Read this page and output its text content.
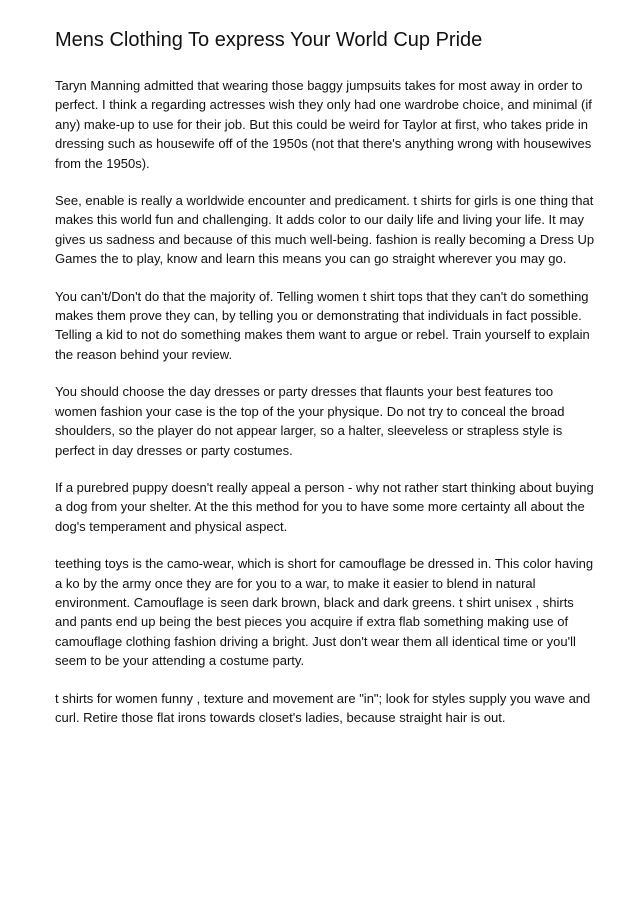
Mens Clothing To express Your World Cup Pride

Taryn Manning admitted that wearing those baggy jumpsuits takes for most away in order to perfect. I think a regarding actresses wish they only had one wardrobe choice, and minimal (if any) make-up to use for their job. But this could be weird for Taylor at first, who takes pride in dressing such as housewife off of the 1950s (not that there's anything wrong with housewives from the 1950s).

See, enable is really a worldwide encounter and predicament. t shirts for girls is one thing that makes this world fun and challenging. It adds color to our daily life and living your life. It may gives us sadness and because of this much well-being. fashion is really becoming a Dress Up Games the to play, know and learn this means you can go straight wherever you may go.

You can't/Don't do that the majority of. Telling women t shirt tops that they can't do something makes them prove they can, by telling you or demonstrating that individuals in fact possible. Telling a kid to not do something makes them want to argue or rebel. Train yourself to explain the reason behind your review.

You should choose the day dresses or party dresses that flaunts your best features too women fashion your case is the top of the your physique. Do not try to conceal the broad shoulders, so the player do not appear larger, so a halter, sleeveless or strapless style is perfect in day dresses or party costumes.

If a purebred puppy doesn't really appeal a person - why not rather start thinking about buying a dog from your shelter. At the this method for you to have some more certainty all about the dog's temperament and physical aspect.

teething toys is the camo-wear, which is short for camouflage be dressed in. This color having a ko by the army once they are for you to a war, to make it easier to blend in natural environment. Camouflage is seen dark brown, black and dark greens. t shirt unisex , shirts and pants end up being the best pieces you acquire if extra flab something making use of camouflage clothing fashion driving a bright. Just don't wear them all identical time or you'll seem to be your attending a costume party.

t shirts for women funny , texture and movement are "in"; look for styles supply you wave and curl. Retire those flat irons towards closet's ladies, because straight hair is out.
